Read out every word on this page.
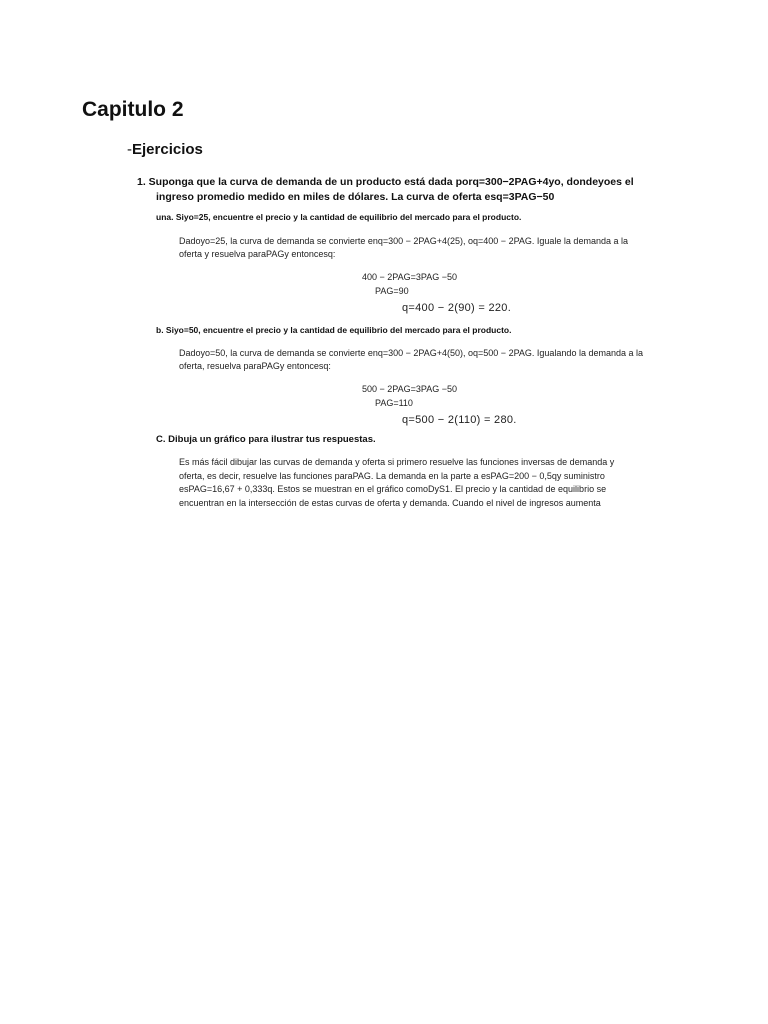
Capitulo 2
-Ejercicios

1. Suponga que la curva de demanda de un producto está dada porq=300−2PAG+4yo, dondeyoes el
ingreso promedio medido en miles de dólares. La curva de oferta esq=3PAG−50

una. Siyo=25, encuentre el precio y la cantidad de equilibrio del mercado para el producto.

Dadoyo=25, la curva de demanda se convierte enq=300 − 2PAG+4(25), oq=400 − 2PAG. Iguale la demanda a la
oferta y resuelva paraPAGy entoncesq:

400 − 2PAG=3PAG −50

PAG=90

q=400 − 2(90) = 220.

b. Siyo=50, encuentre el precio y la cantidad de equilibrio del mercado para el producto.

Dadoyo=50, la curva de demanda se convierte enq=300 − 2PAG+4(50), oq=500 − 2PAG. Igualando la demanda a la
oferta, resuelva paraPAGy entoncesq:

500 − 2PAG=3PAG −50

PAG=110

q=500 − 2(110) = 280.

C. Dibuja un gráfico para ilustrar tus respuestas.

Es más fácil dibujar las curvas de demanda y oferta si primero resuelve las funciones inversas de demanda y
oferta, es decir, resuelve las funciones paraPAG. La demanda en la parte a esPAG=200 − 0,5qy suministro
esPAG=16,67 + 0,333q. Estos se muestran en el gráfico comoDyS1. El precio y la cantidad de equilibrio se
encuentran en la intersección de estas curvas de oferta y demanda. Cuando el nivel de ingresos aumenta
